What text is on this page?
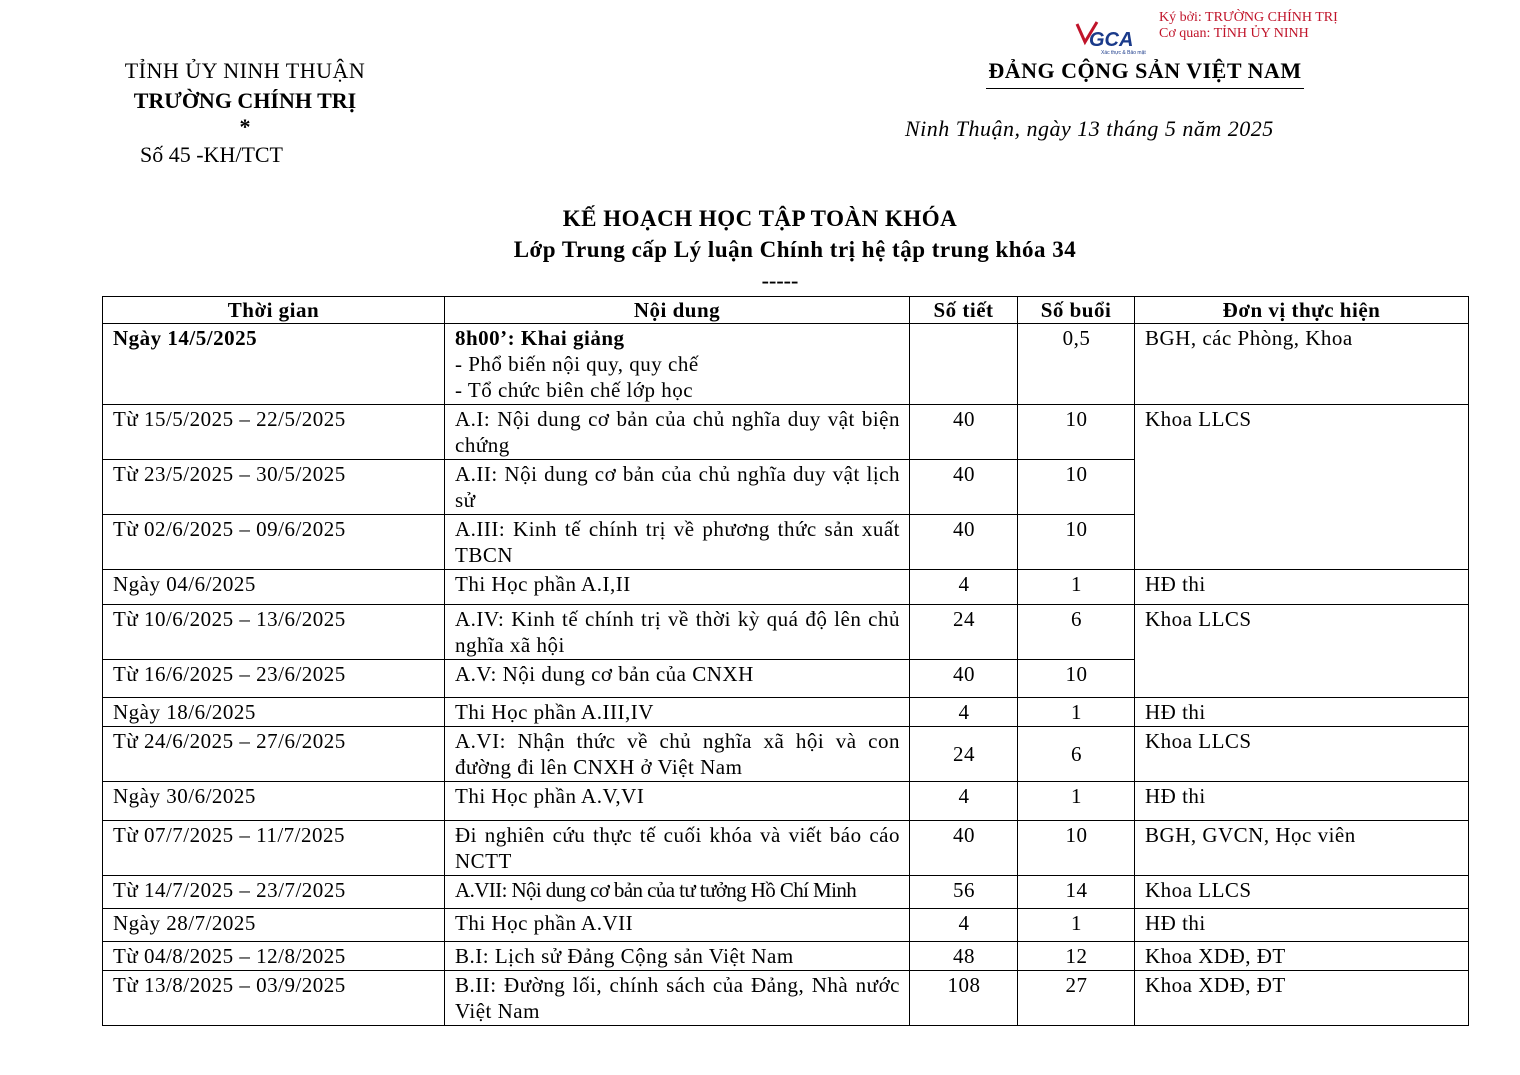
TỈNH ỦY NINH THUẬN
TRƯỜNG CHÍNH TRỊ
*
Số 45 -KH/TCT
GCA
Xác thực & Bảo mật
Ký bởi: TRƯỜNG CHÍNH TRỊ
Cơ quan: TỈNH ỦY NINH
ĐẢNG CỘNG SẢN VIỆT NAM
Ninh Thuận, ngày 13 tháng 5 năm 2025
KẾ HOẠCH HỌC TẬP TOÀN KHÓA
Lớp Trung cấp Lý luận Chính trị hệ tập trung khóa 34
-----
Thời gian	Nội dung	Số tiết	Số buổi	Đơn vị thực hiện
Ngày 14/5/2025	8h00’: Khai giảng
- Phổ biến nội quy, quy chế
- Tổ chức biên chế lớp học		0,5	BGH, các Phòng, Khoa
Từ 15/5/2025 – 22/5/2025	A.I: Nội dung cơ bản của chủ nghĩa duy vật biện chứng	40	10	Khoa LLCS
Từ 23/5/2025 – 30/5/2025	A.II: Nội dung cơ bản của chủ nghĩa duy vật lịch sử	40	10	
Từ 02/6/2025 – 09/6/2025	A.III: Kinh tế chính trị về phương thức sản xuất TBCN	40	10	
Ngày 04/6/2025	Thi Học phần A.I,II	4	1	HĐ thi
Từ 10/6/2025 – 13/6/2025	A.IV: Kinh tế chính trị về thời kỳ quá độ lên chủ nghĩa xã hội	24	6	Khoa LLCS
Từ 16/6/2025 – 23/6/2025	A.V: Nội dung cơ bản của CNXH	40	10	
Ngày 18/6/2025	Thi Học phần A.III,IV	4	1	HĐ thi
Từ 24/6/2025 – 27/6/2025	A.VI: Nhận thức về chủ nghĩa xã hội và con đường đi lên CNXH ở Việt Nam	24	6	Khoa LLCS
Ngày 30/6/2025	Thi Học phần A.V,VI	4	1	HĐ thi
Từ 07/7/2025 – 11/7/2025	Đi nghiên cứu thực tế cuối khóa và viết báo cáo NCTT	40	10	BGH, GVCN, Học viên
Từ 14/7/2025 – 23/7/2025	A.VII: Nội dung cơ bản của tư tưởng Hồ Chí Minh	56	14	Khoa LLCS
Ngày 28/7/2025	Thi Học phần A.VII	4	1	HĐ thi
Từ 04/8/2025 – 12/8/2025	B.I: Lịch sử Đảng Cộng sản Việt Nam	48	12	Khoa XDĐ, ĐT
Từ 13/8/2025 – 03/9/2025	B.II: Đường lối, chính sách của Đảng, Nhà nước Việt Nam	108	27	Khoa XDĐ, ĐT
